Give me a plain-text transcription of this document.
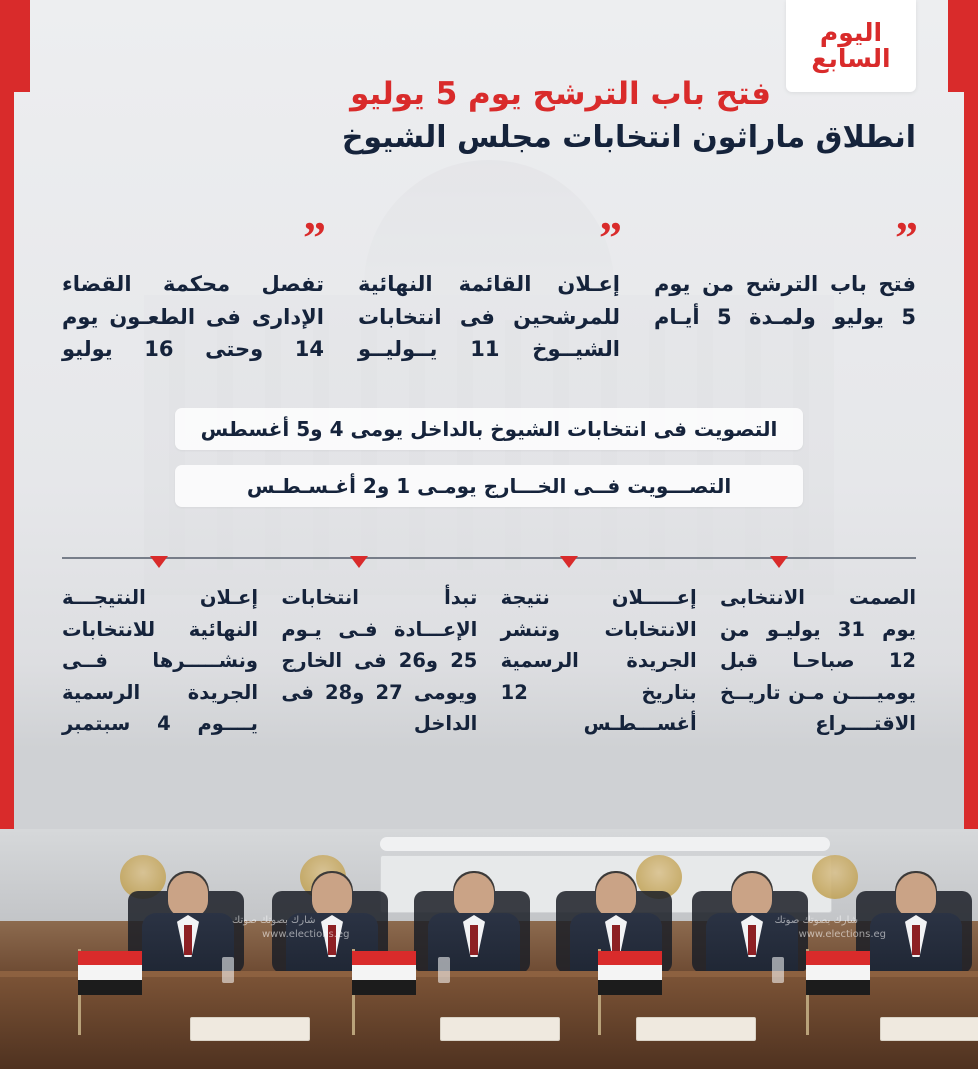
اليوم
السابع
فتح باب الترشح يوم 5 يوليو
انطلاق ماراثون انتخابات مجلس الشيوخ
”
فتح باب الترشح من يوم 5 يوليو ولمـدة 5 أيـام
”
إعـلان القائمة النهائية للمرشحين فى انتخابات الشيــوخ 11 يــوليــو
”
تفصل محكمة القضاء الإدارى فى الطعـون يوم 14 وحتى 16 يوليو
التصويت فى انتخابات الشيوخ بالداخل يومى 4 و5 أغسطس
التصـــويت فــى الخـــارج يومـى 1 و2 أغـسـطـس
الصمت الانتخابى يوم 31 يوليـو من 12 صباحـا قبل يوميــــن مـن تاريــخ الاقتــــراع
إعـــــلان نتيجة الانتخابات وتنشر الجريدة الرسمية بتاريخ 12 أغســـطـس
تبدأ انتخابات الإعـــادة فـى يـوم 25 و26 فى الخارج ويومى 27 و28 فى الداخل
إعـلان النتيجـــة النهائية للانتخابات ونشـــــرها فــى الجريدة الرسمية يــــوم 4 سبتمبر
شارك بصوتك صوتك
www.elections.eg
شارك بصوتك صوتك
www.elections.eg
